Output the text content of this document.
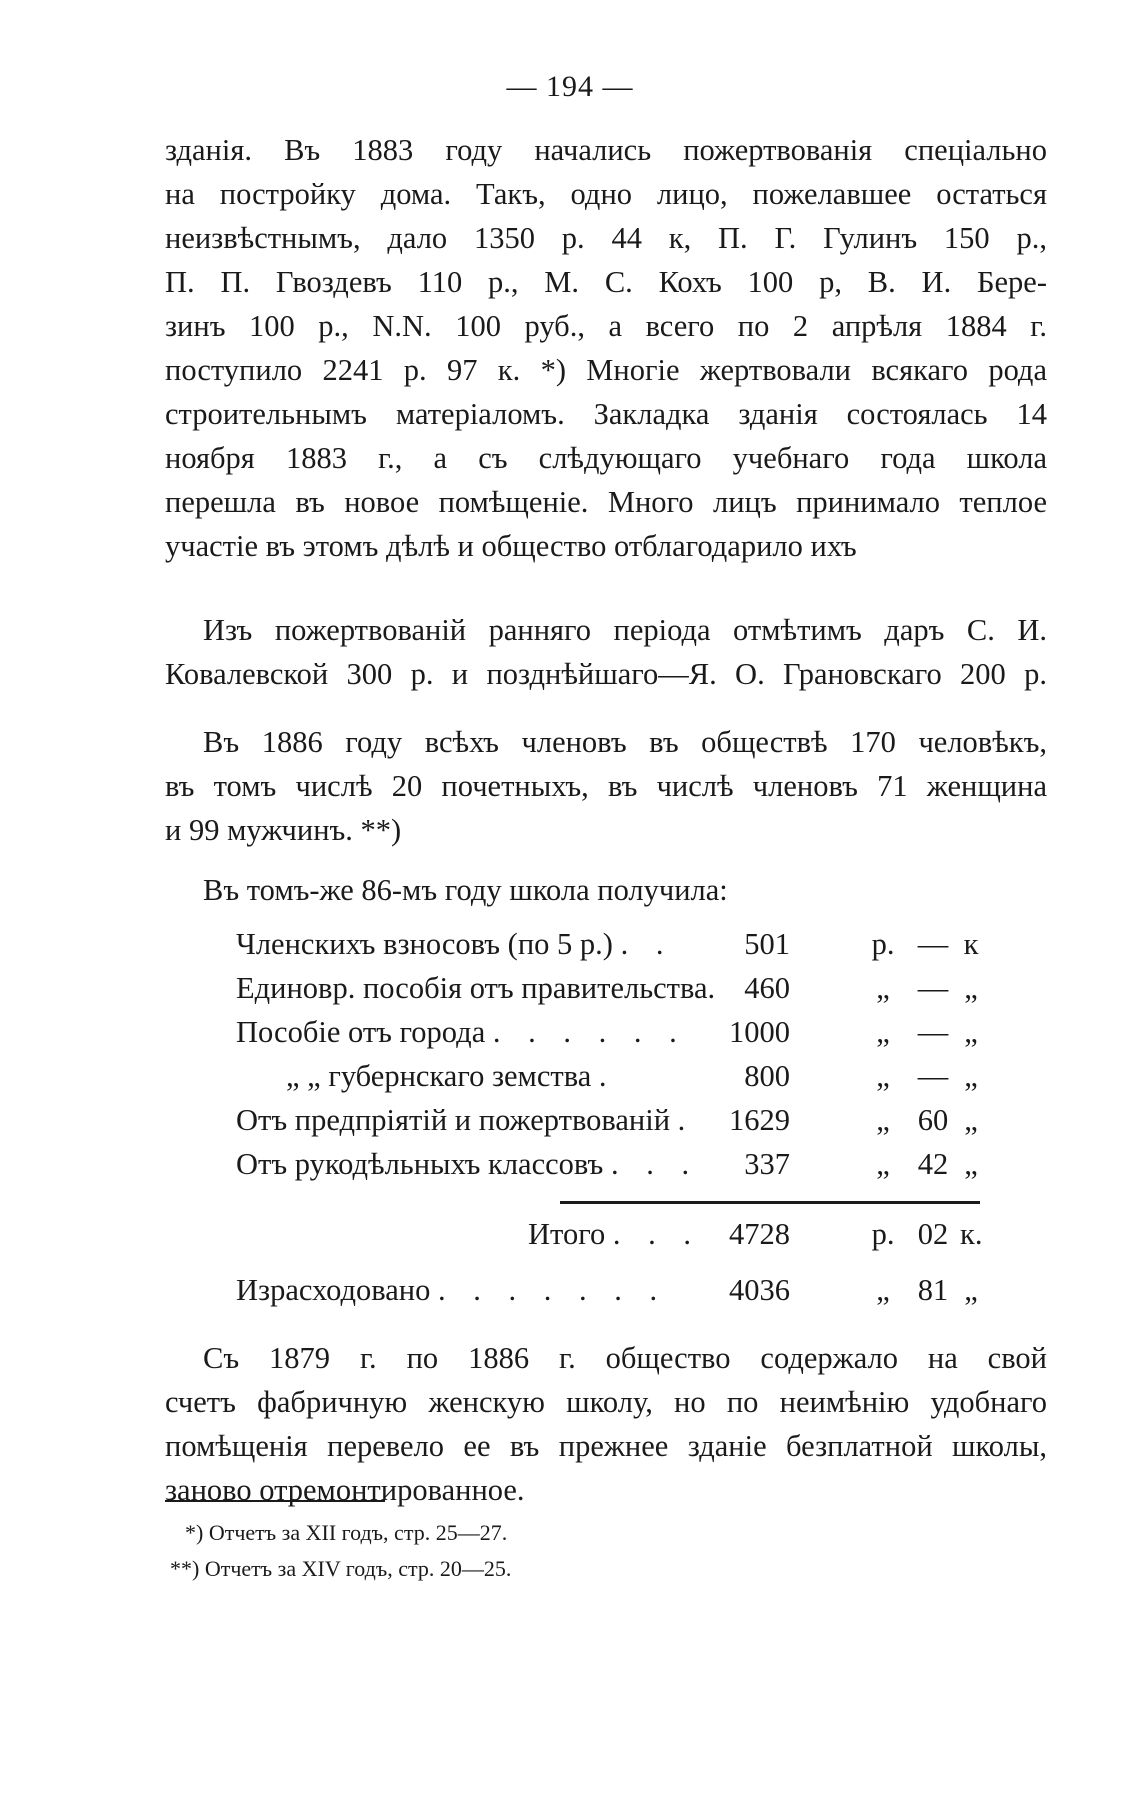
— 194 —
зданія. Въ 1883 году начались пожертвованія спеціально
на постройку дома. Такъ, одно лицо, пожелавшее остаться
неизвѣстнымъ, дало 1350 р. 44 к, П. Г. Гулинъ 150 р.,
П. П. Гвоздевъ 110 р., М. С. Кохъ 100 р, В. И. Бере-
зинъ 100 р., N.N. 100 руб., а всего по 2 апрѣля 1884 г.
поступило 2241 р. 97 к. *) Многіе жертвовали всякаго рода
строительнымъ матеріаломъ. Закладка зданія состоялась 14
ноября 1883 г., а съ слѣдующаго учебнаго года школа
перешла въ новое помѣщеніе. Много лицъ принимало теплое
участіе въ этомъ дѣлѣ и общество отблагодарило ихъ
Изъ пожертвованій ранняго періода отмѣтимъ даръ С. И.
Ковалевской 300 р. и позднѣйшаго—Я. О. Грановскаго 200 р.
Въ 1886 году всѣхъ членовъ въ обществѣ 170 человѣкъ,
въ томъ числѣ 20 почетныхъ, въ числѣ членовъ 71 женщина
и 99 мужчинъ. **)
Въ томъ-же 86-мъ году школа получила:
Членскихъ взносовъ (по 5 р.) . . 501	р. — к
Единовр. пособія отъ правительства. 460	„ — „
Пособіе отъ города . . . . . . 1000	„ — „
„ „ губернскаго земства .	800	„ — „
Отъ предпріятій и пожертвованій . 1629	„ 60 „
Отъ рукодѣльныхъ классовъ . . . 337	„ 42 „
Итого . . . 4728	р. 02 к.
Израсходовано . . . . . . . 4036	„ 81 „
Съ 1879 г. по 1886 г. общество содержало на свой
счетъ фабричную женскую школу, но по неимѣнію удобнаго
помѣщенія перевело ее въ прежнее зданіе безплатной школы,
заново отремонтированное.
*) Отчетъ за XII годъ, стр. 25—27.
**) Отчетъ за XIV годъ, стр. 20—25.
